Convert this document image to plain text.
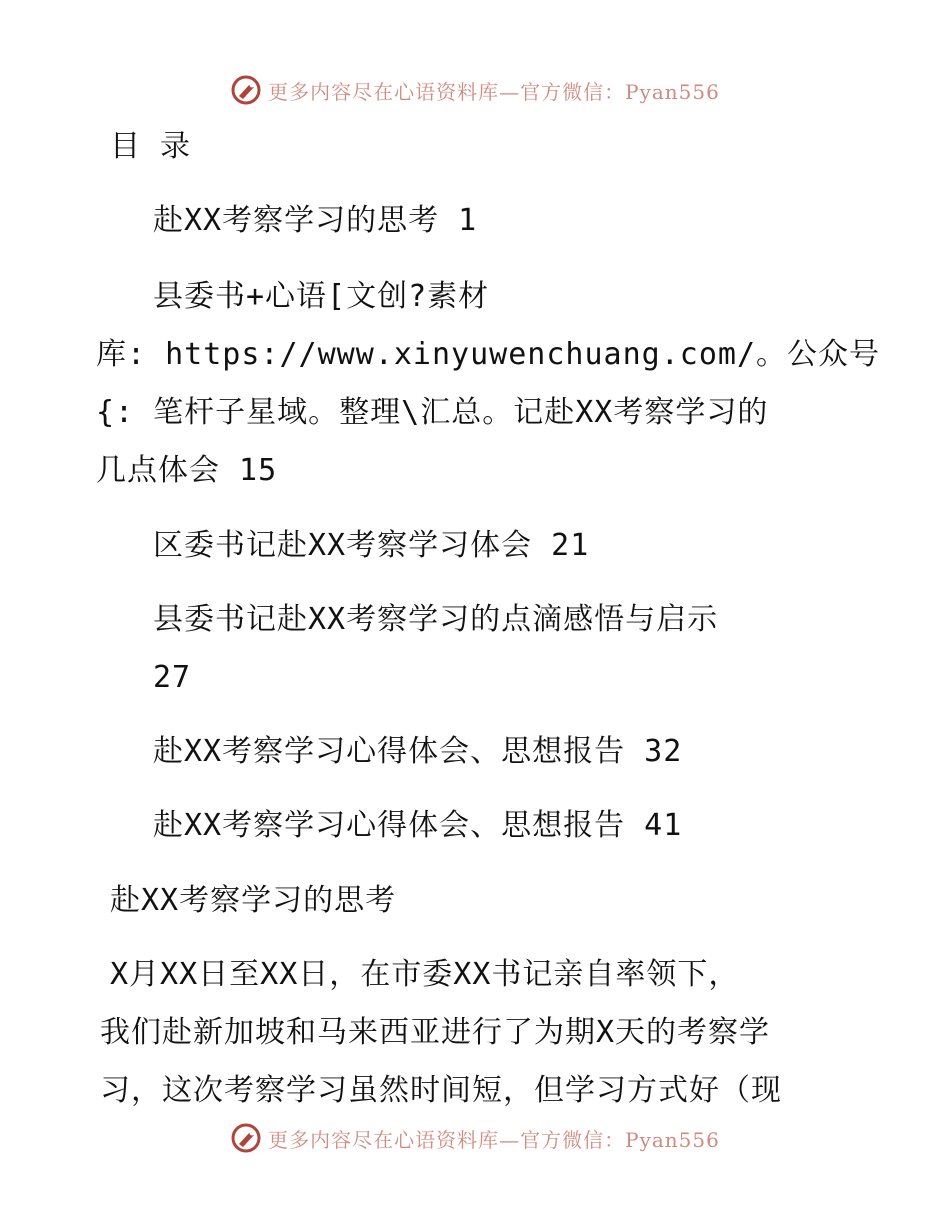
更多内容尽在心语资料库—官方微信：Pyan556
目 录
赴XX考察学习的思考 1
县委书+心语[文创?素材
库: https://www.xinyuwenchuang.com/。公众号
{: 笔杆子星域。整理\汇总。记赴XX考察学习的
几点体会 15
区委书记赴XX考察学习体会 21
县委书记赴XX考察学习的点滴感悟与启示
27
赴XX考察学习心得体会、思想报告 32
赴XX考察学习心得体会、思想报告 41
赴XX考察学习的思考
X月XX日至XX日，在市委XX书记亲自率领下，
我们赴新加坡和马来西亚进行了为期X天的考察学
习，这次考察学习虽然时间短，但学习方式好（现
更多内容尽在心语资料库—官方微信：Pyan556
